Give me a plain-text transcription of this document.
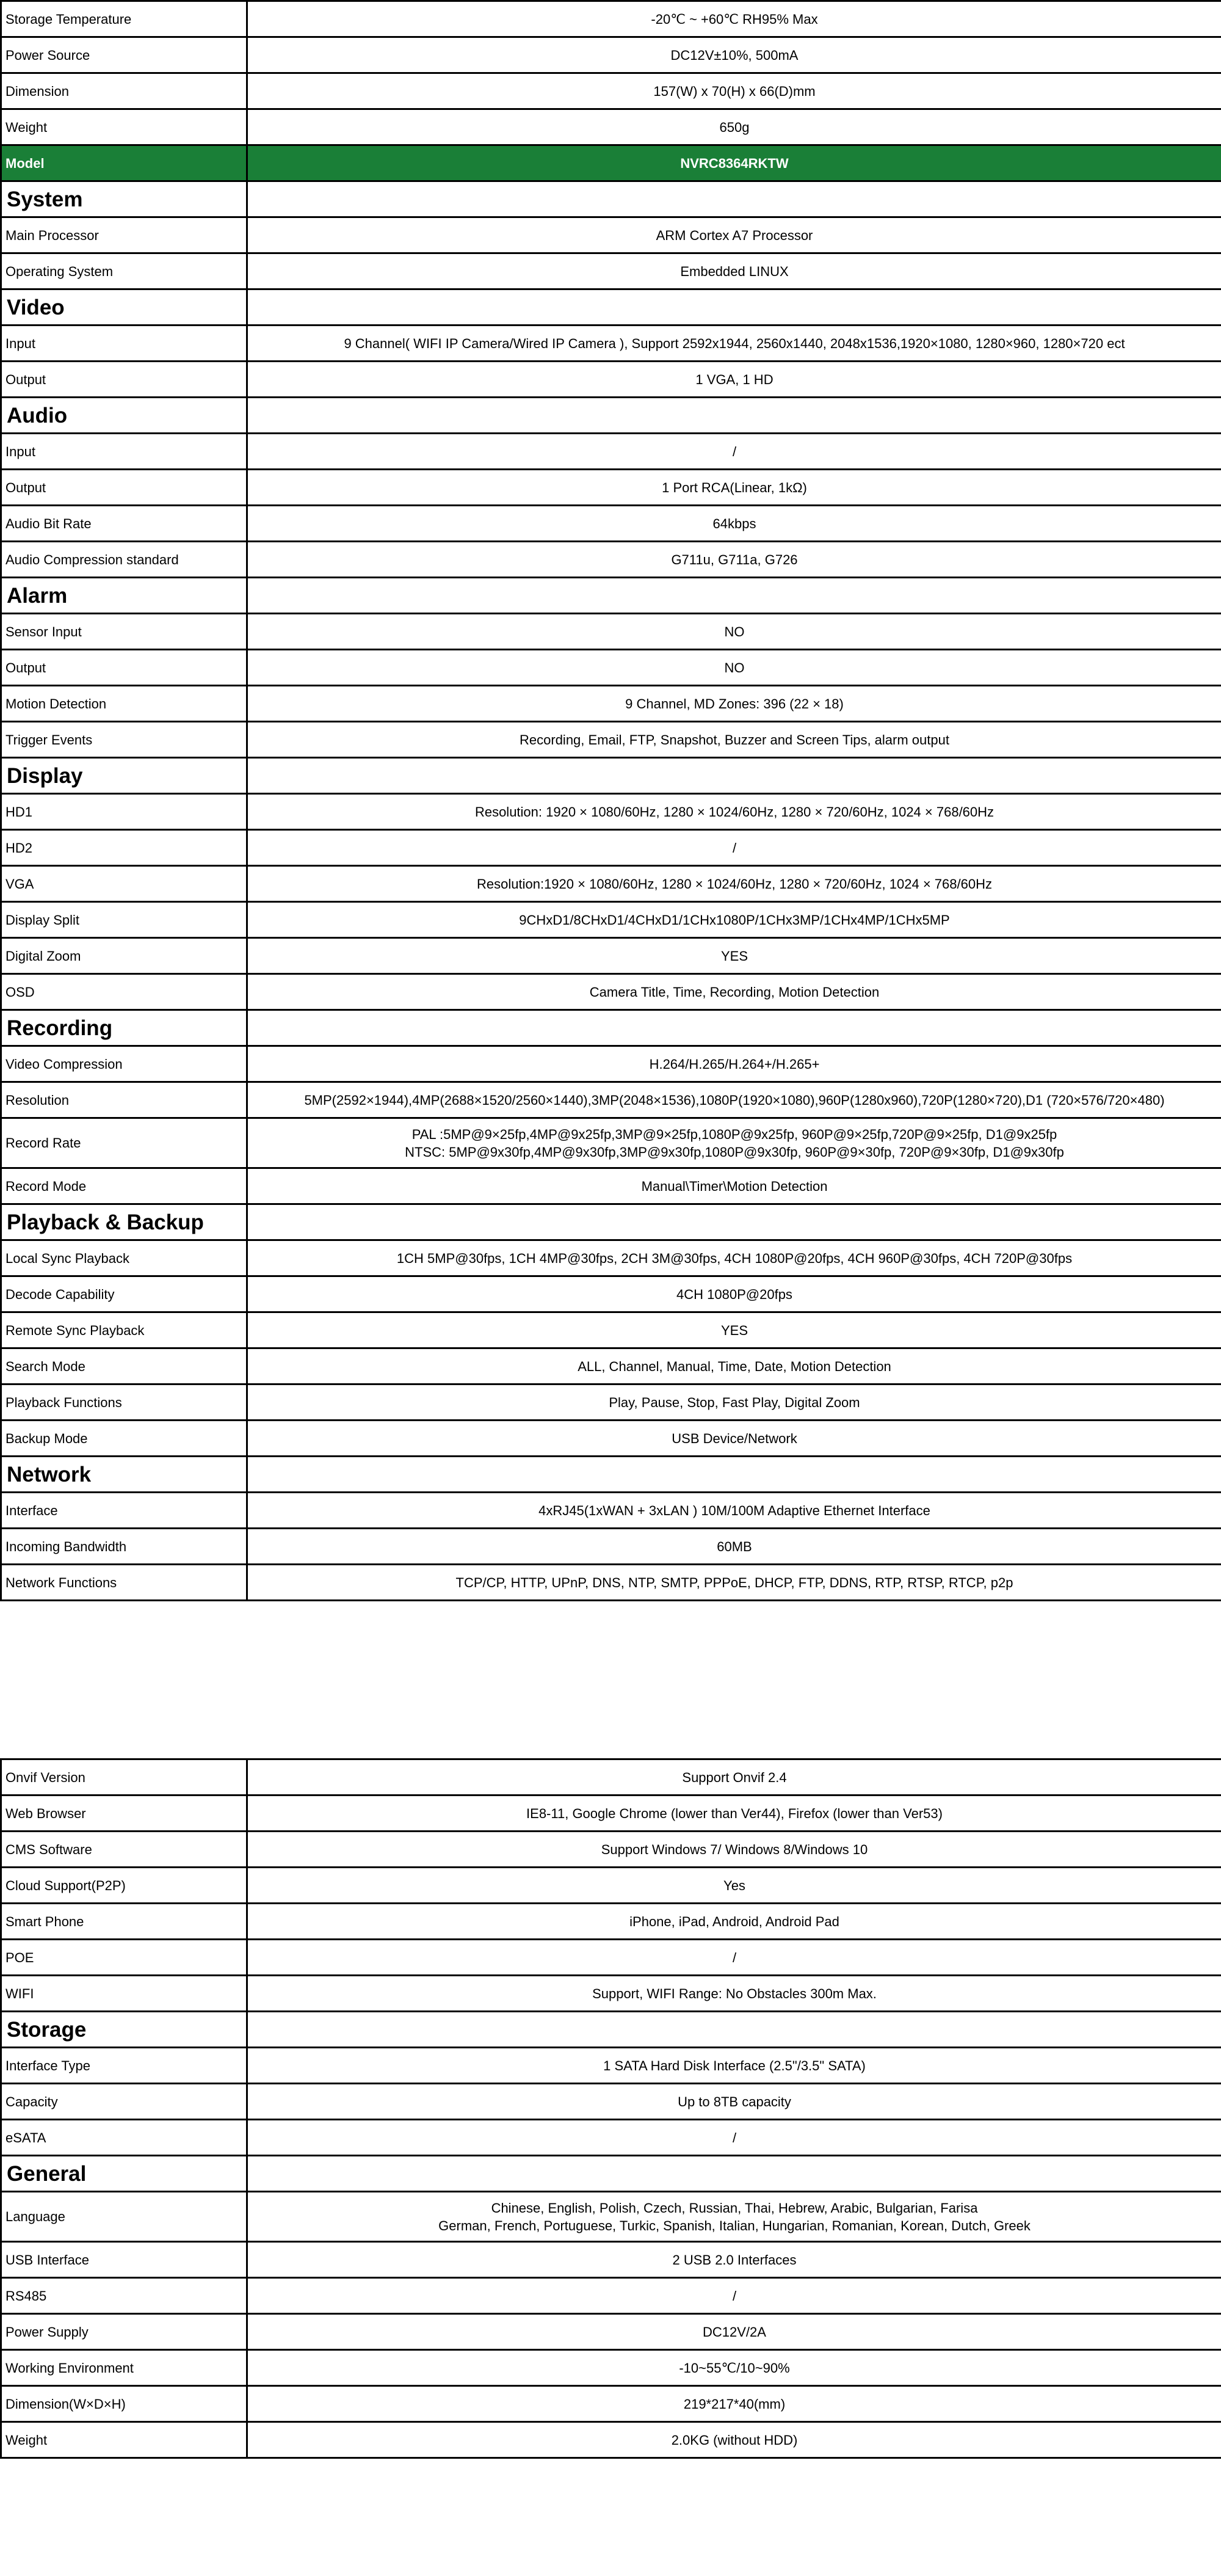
Storage Temperature	-20℃ ~ +60℃ RH95% Max
Power Source	DC12V±10%, 500mA
Dimension	157(W) x 70(H) x 66(D)mm
Weight	650g
Model	NVRC8364RKTW
System	
Main Processor	ARM Cortex A7 Processor
Operating System	Embedded LINUX
Video	
Input	9 Channel( WIFI IP Camera/Wired IP Camera ), Support 2592x1944, 2560x1440, 2048x1536,1920×1080, 1280×960, 1280×720 ect
Output	1 VGA, 1 HD
Audio	
Input	/
Output	1 Port RCA(Linear, 1kΩ)
Audio Bit Rate	64kbps
Audio Compression standard	G711u, G711a, G726
Alarm	
Sensor Input	NO
Output	NO
Motion Detection	9 Channel, MD Zones: 396 (22 × 18)
Trigger Events	Recording, Email, FTP, Snapshot, Buzzer and Screen Tips, alarm output
Display	
HD1	Resolution: 1920 × 1080/60Hz, 1280 × 1024/60Hz, 1280 × 720/60Hz, 1024 × 768/60Hz
HD2	/
VGA	Resolution:1920 × 1080/60Hz, 1280 × 1024/60Hz, 1280 × 720/60Hz, 1024 × 768/60Hz
Display Split	9CHxD1/8CHxD1/4CHxD1/1CHx1080P/1CHx3MP/1CHx4MP/1CHx5MP
Digital Zoom	YES
OSD	Camera Title, Time, Recording, Motion Detection
Recording	
Video Compression	H.264/H.265/H.264+/H.265+
Resolution	5MP(2592×1944),4MP(2688×1520/2560×1440),3MP(2048×1536),1080P(1920×1080),960P(1280x960),720P(1280×720),D1 (720×576/720×480)
Record Rate	PAL :5MP@9×25fp,4MP@9x25fp,3MP@9×25fp,1080P@9x25fp, 960P@9×25fp,720P@9×25fp, D1@9x25fp
NTSC: 5MP@9x30fp,4MP@9x30fp,3MP@9x30fp,1080P@9x30fp, 960P@9×30fp, 720P@9×30fp, D1@9x30fp

Record Mode	Manual\Timer\Motion Detection
Playback & Backup	
Local Sync Playback	1CH 5MP@30fps, 1CH 4MP@30fps, 2CH 3M@30fps, 4CH 1080P@20fps, 4CH 960P@30fps, 4CH 720P@30fps
Decode Capability	4CH 1080P@20fps
Remote Sync Playback	YES
Search Mode	ALL, Channel, Manual, Time, Date, Motion Detection
Playback Functions	Play, Pause, Stop, Fast Play, Digital Zoom
Backup Mode	USB Device/Network
Network	
Interface	4xRJ45(1xWAN + 3xLAN ) 10M/100M Adaptive Ethernet Interface
Incoming Bandwidth	60MB
Network Functions	TCP/CP, HTTP, UPnP, DNS, NTP, SMTP, PPPoE, DHCP, FTP, DDNS, RTP, RTSP, RTCP, p2p
Onvif Version	Support Onvif 2.4
Web Browser	IE8-11, Google Chrome (lower than Ver44), Firefox (lower than Ver53)
CMS Software	Support Windows 7/ Windows 8/Windows 10
Cloud Support(P2P)	Yes
Smart Phone	iPhone, iPad, Android, Android Pad
POE	/
WIFI	Support, WIFI Range: No Obstacles 300m Max.
Storage	
Interface Type	1 SATA Hard Disk Interface (2.5"/3.5" SATA)
Capacity	Up to 8TB capacity
eSATA	/
General	
Language	Chinese, English, Polish, Czech, Russian, Thai, Hebrew, Arabic, Bulgarian, Farisa
German, French, Portuguese, Turkic, Spanish, Italian, Hungarian, Romanian, Korean, Dutch, Greek

USB Interface	2 USB 2.0 Interfaces
RS485	/
Power Supply	DC12V/2A
Working Environment	-10~55℃/10~90%
Dimension(W×D×H)	219*217*40(mm)
Weight	2.0KG (without HDD)
